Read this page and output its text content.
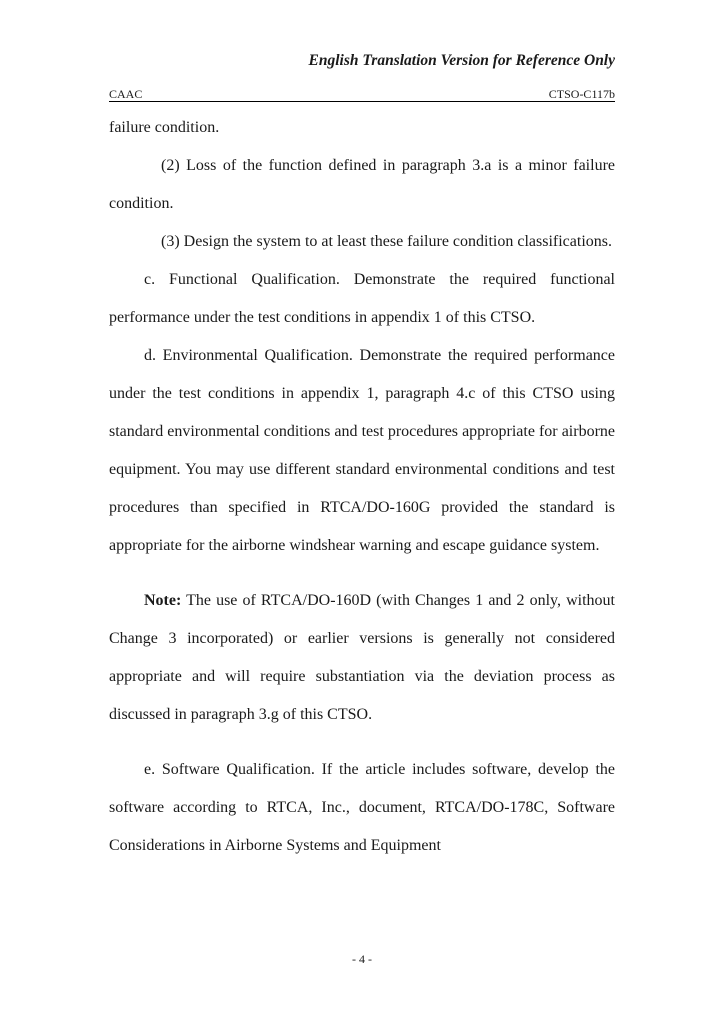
English Translation Version for Reference Only

CAAC	CTSO-C117b

failure condition.

(2) Loss of the function defined in paragraph 3.a is a minor failure condition.

(3) Design the system to at least these failure condition classifications.

c. Functional Qualification. Demonstrate the required functional performance under the test conditions in appendix 1 of this CTSO.

d. Environmental Qualification. Demonstrate the required performance under the test conditions in appendix 1, paragraph 4.c of this CTSO using standard environmental conditions and test procedures appropriate for airborne equipment. You may use different standard environmental conditions and test procedures than specified in RTCA/DO-160G provided the standard is appropriate for the airborne windshear warning and escape guidance system.

Note: The use of RTCA/DO-160D (with Changes 1 and 2 only, without Change 3 incorporated) or earlier versions is generally not considered appropriate and will require substantiation via the deviation process as discussed in paragraph 3.g of this CTSO.

e. Software Qualification. If the article includes software, develop the software according to RTCA, Inc., document, RTCA/DO-178C, Software Considerations in Airborne Systems and Equipment

- 4 -
